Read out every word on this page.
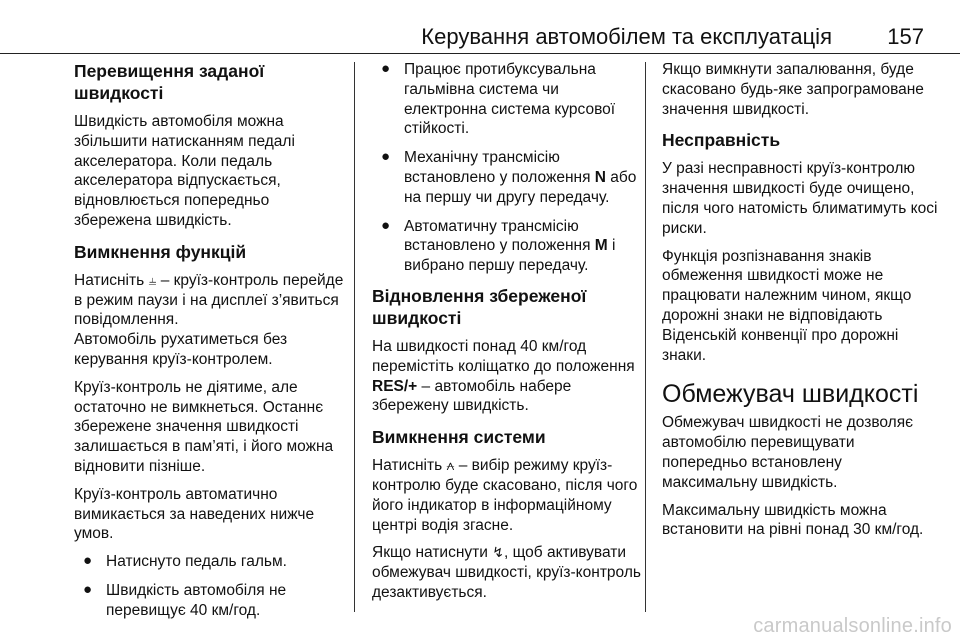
Керування автомобілем та експлуатація	157
Перевищення заданої швидкості

Швидкість автомобіля можна збільшити натисканням педалі акселератора. Коли педаль акселератора відпускається, відновлюється попередньо збережена швидкість.

Вимкнення функцій

Натисніть ⫨ – круїз-контроль перейде в режим паузи і на дисплеї з’явиться повідомлення.
Автомобіль рухатиметься без керування круїз-контролем.

Круїз-контроль не діятиме, але остаточно не вимкнеться. Останнє збережене значення швидкості залишається в пам’яті, і його можна відновити пізніше.

Круїз-контроль автоматично вимикається за наведених нижче умов.

● Натиснуто педаль гальм.
● Швидкість автомобіля не перевищує 40 км/год.
● Працює протибуксувальна гальмівна система чи електронна система курсової стійкості.
● Механічну трансмісію встановлено у положення N або на першу чи другу передачу.
● Автоматичну трансмісію встановлено у положення M і вибрано першу передачу.
Відновлення збереженої швидкості

На швидкості понад 40 км/год перемістіть коліщатко до положення RES/+ – автомобіль набере збережену швидкість.

Вимкнення системи

Натисніть ⩜ – вибір режиму круїз-контролю буде скасовано, після чого його індикатор в інформаційному центрі водія згасне.

Якщо натиснути ↯, щоб активувати обмежувач швидкості, круїз-контроль дезактивується.

Якщо вимкнути запалювання, буде скасовано будь-яке запрограмоване значення швидкості.

Несправність

У разі несправності круїз-контролю значення швидкості буде очищено, після чого натомість блиматимуть косі риски.

Функція розпізнавання знаків обмеження швидкості може не працювати належним чином, якщо дорожні знаки не відповідають Віденській конвенції про дорожні знаки.

Обмежувач швидкості

Обмежувач швидкості не дозволяє автомобілю перевищувати попередньо встановлену максимальну швидкість.

Максимальну швидкість можна встановити на рівні понад 30 км/год.

carmanualsonline.info
